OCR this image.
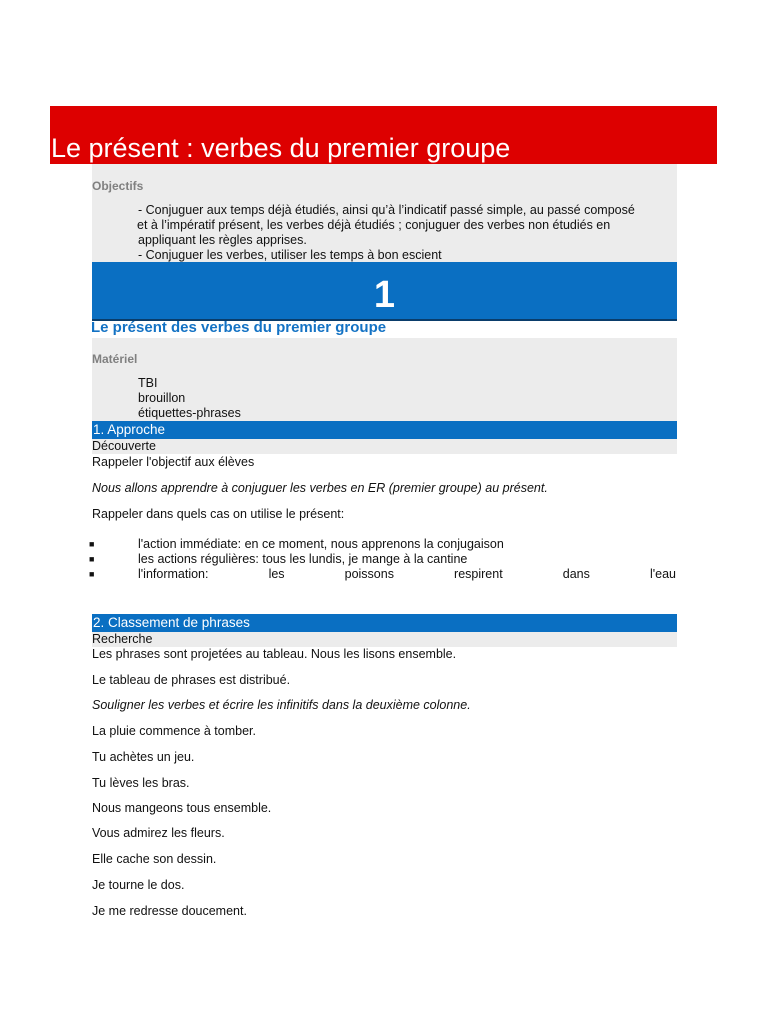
Le présent : verbes du premier groupe
Objectifs
- Conjuguer aux temps déjà étudiés, ainsi qu’à l’indicatif passé simple, au passé composé
et à l’impératif présent, les verbes déjà étudiés ; conjuguer des verbes non étudiés en
appliquant les règles apprises.
- Conjuguer les verbes, utiliser les temps à bon escient
1
Le présent des verbes du premier groupe
Matériel
TBI
brouillon
étiquettes-phrases
1. Approche
Découverte
Rappeler l'objectif aux élèves
Nous allons apprendre à conjuguer les verbes en ER (premier groupe) au présent.
Rappeler dans quels cas on utilise le présent:
■	l'action immédiate: en ce moment, nous apprenons la conjugaison
■	les actions régulières: tous les lundis, je mange à la cantine
■	l'information:	les	poissons	respirent	dans	l'eau
2. Classement de phrases
Recherche
Les phrases sont projetées au tableau. Nous les lisons ensemble.
Le tableau de phrases est distribué.
Souligner les verbes et écrire les infinitifs dans la deuxième colonne.
La pluie commence à tomber.
Tu achètes un jeu.
Tu lèves les bras.
Nous mangeons tous ensemble.
Vous admirez les fleurs.
Elle cache son dessin.
Je tourne le dos.
Je me redresse doucement.
